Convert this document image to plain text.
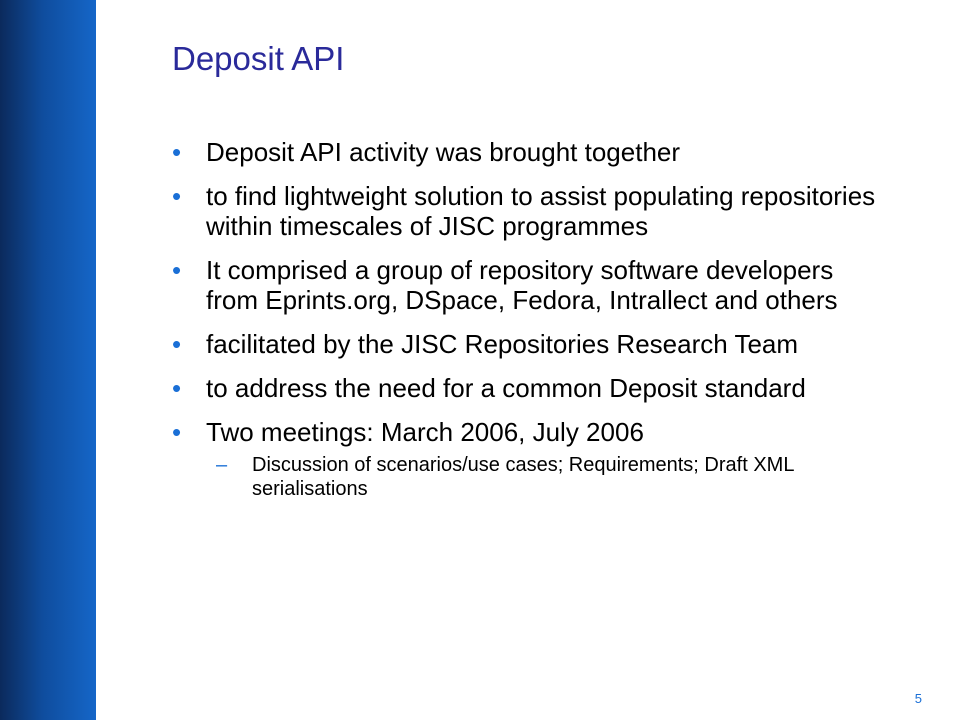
Deposit API
• Deposit API activity was brought together
• to find lightweight solution to assist populating repositories within timescales of JISC programmes
• It comprised a group of repository software developers from Eprints.org, DSpace, Fedora, Intrallect and others
• facilitated by the JISC Repositories Research Team
• to address the need for a common Deposit standard
• Two meetings: March 2006, July 2006
– Discussion of scenarios/use cases; Requirements; Draft XML serialisations
5
